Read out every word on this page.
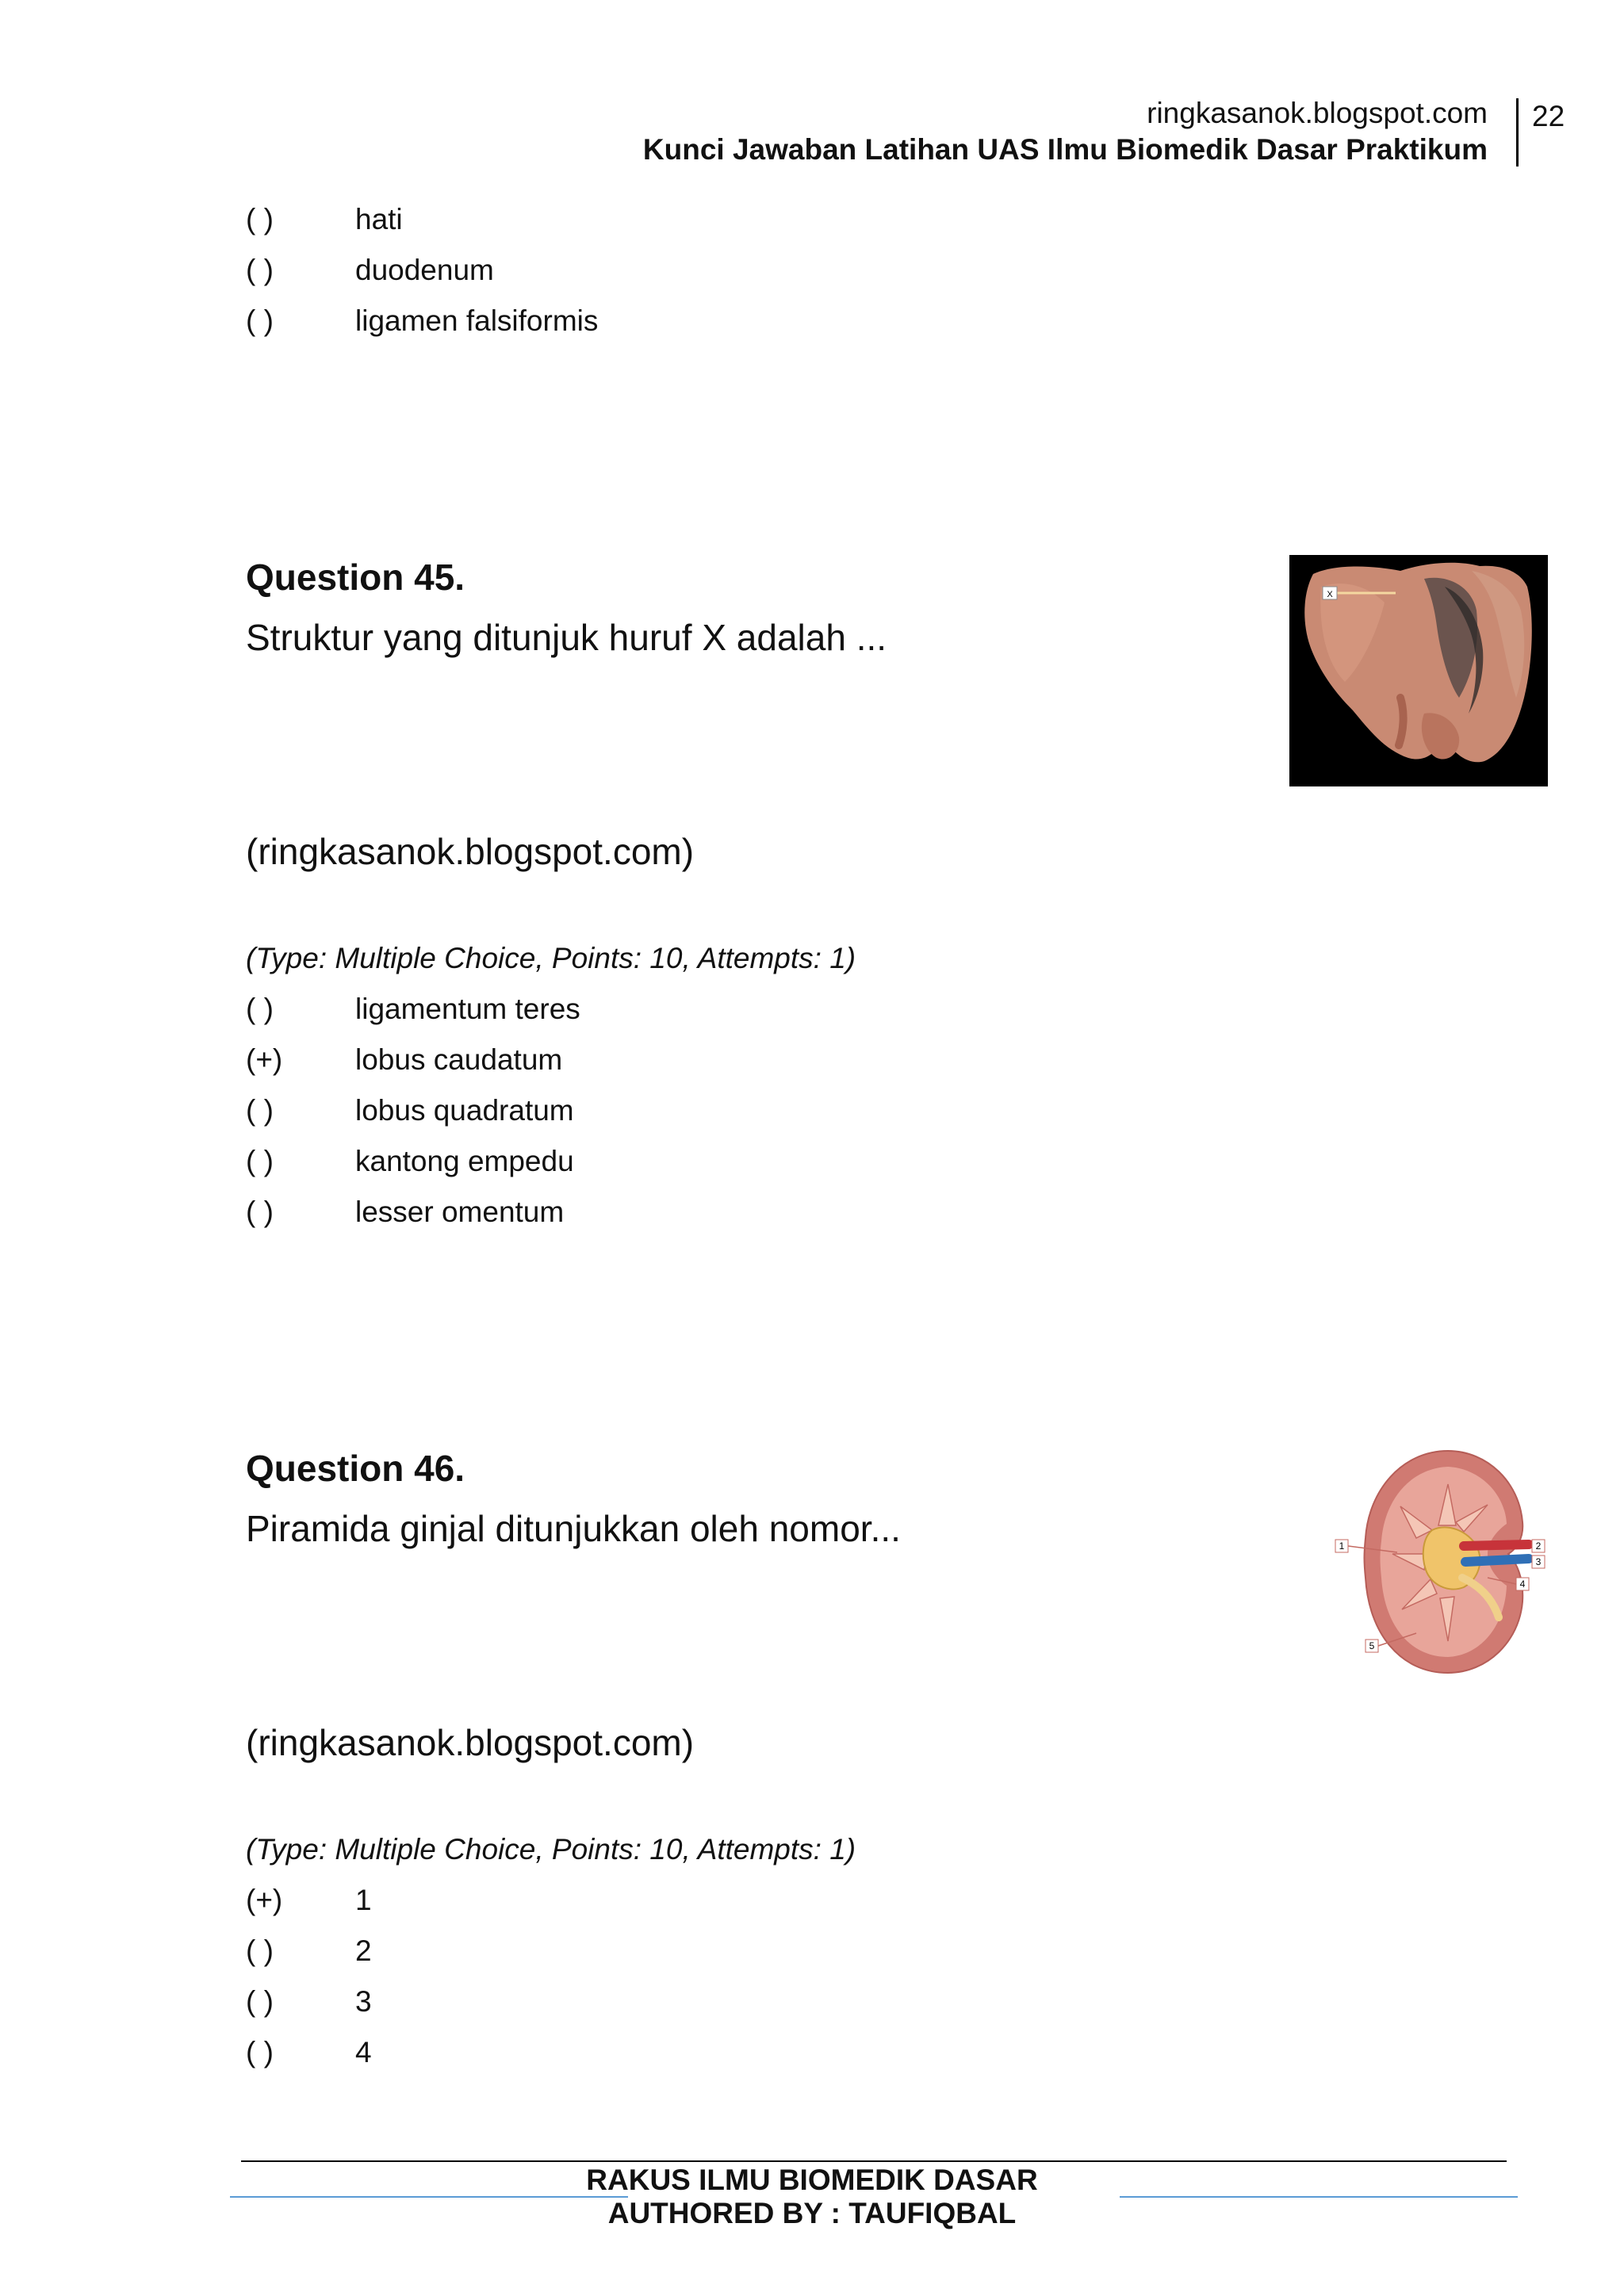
ringkasanok.blogspot.com
Kunci Jawaban Latihan UAS Ilmu Biomedik Dasar Praktikum
22
( )	hati
( )	duodenum
( )	ligamen falsiformis
Question 45.
Struktur yang ditunjuk huruf X adalah ...
X
(ringkasanok.blogspot.com)
(Type: Multiple Choice, Points: 10, Attempts: 1)
( )	ligamentum teres
(+) lobus caudatum
( )	lobus quadratum
( )	kantong empedu
( )	lesser omentum
Question 46.
Piramida ginjal ditunjukkan oleh nomor...	1	2
3
4
5
(ringkasanok.blogspot.com)
(Type: Multiple Choice, Points: 10, Attempts: 1)
(+) 1
( )	2
( )	3
( )	4
RAKUS ILMU BIOMEDIK DASAR
AUTHORED BY : TAUFIQBAL
